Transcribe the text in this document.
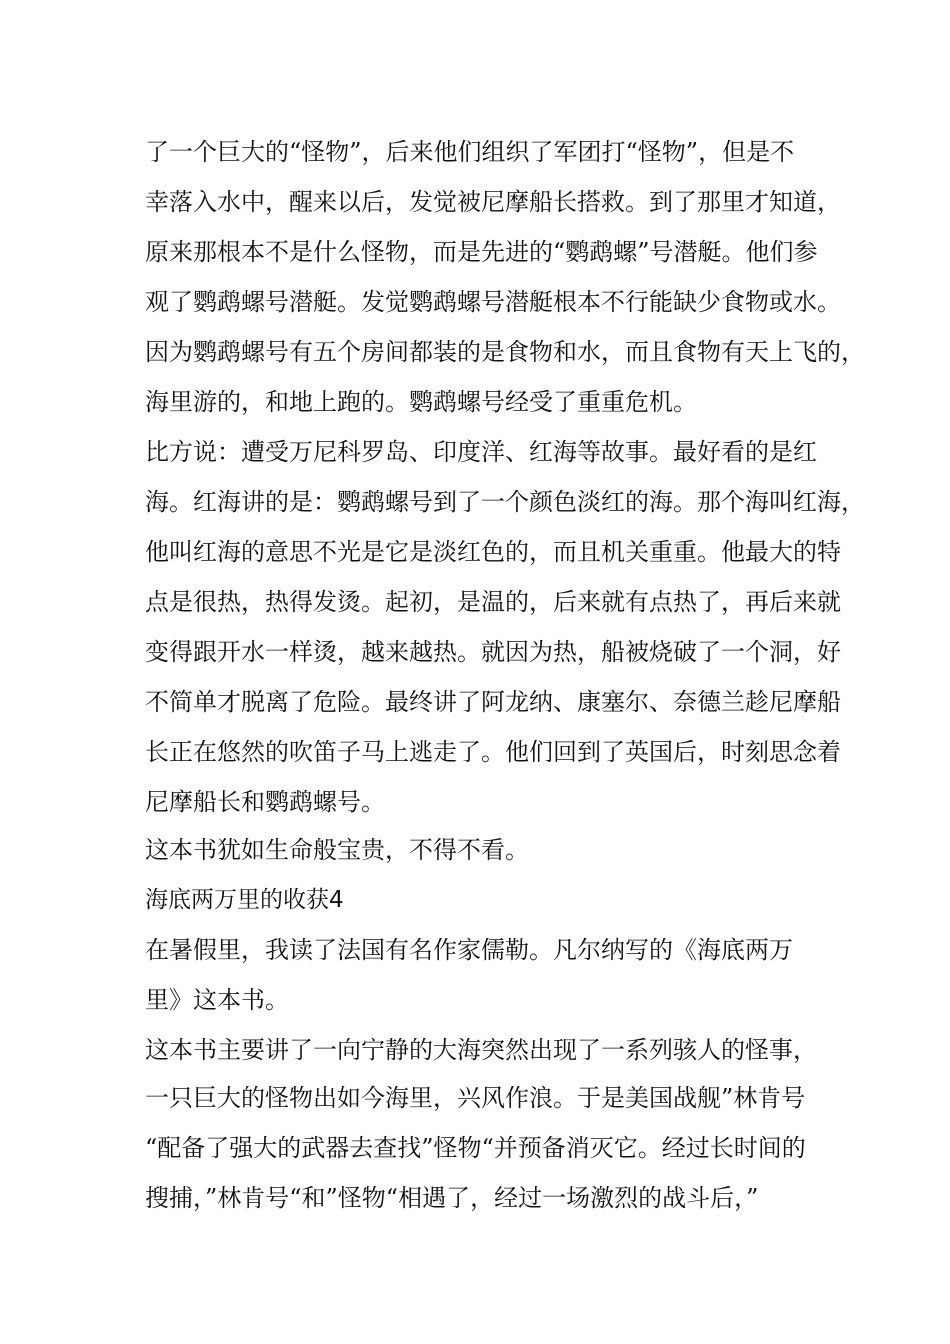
了一个巨大的“怪物”，后来他们组织了军团打“怪物”，但是不
幸落入水中，醒来以后，发觉被尼摩船长搭救。到了那里才知道，
原来那根本不是什么怪物，而是先进的“鹦鹉螺”号潜艇。他们参
观了鹦鹉螺号潜艇。发觉鹦鹉螺号潜艇根本不行能缺少食物或水。
因为鹦鹉螺号有五个房间都装的是食物和水，而且食物有天上飞的，
海里游的，和地上跑的。鹦鹉螺号经受了重重危机。
比方说：遭受万尼科罗岛、印度洋、红海等故事。最好看的是红
海。红海讲的是：鹦鹉螺号到了一个颜色淡红的海。那个海叫红海，
他叫红海的意思不光是它是淡红色的，而且机关重重。他最大的特
点是很热，热得发烫。起初，是温的，后来就有点热了，再后来就
变得跟开水一样烫，越来越热。就因为热，船被烧破了一个洞，好
不简单才脱离了危险。最终讲了阿龙纳、康塞尔、奈德兰趁尼摩船
长正在悠然的吹笛子马上逃走了。他们回到了英国后，时刻思念着
尼摩船长和鹦鹉螺号。
这本书犹如生命般宝贵，不得不看。
海底两万里的收获4
在暑假里，我读了法国有名作家儒勒。凡尔纳写的《海底两万
里》这本书。
这本书主要讲了一向宁静的大海突然出现了一系列骇人的怪事，
一只巨大的怪物出如今海里，兴风作浪。于是美国战舰”林肯号
“配备了强大的武器去查找”怪物“并预备消灭它。经过长时间的
搜捕，”林肯号“和”怪物“相遇了，经过一场激烈的战斗后，”
